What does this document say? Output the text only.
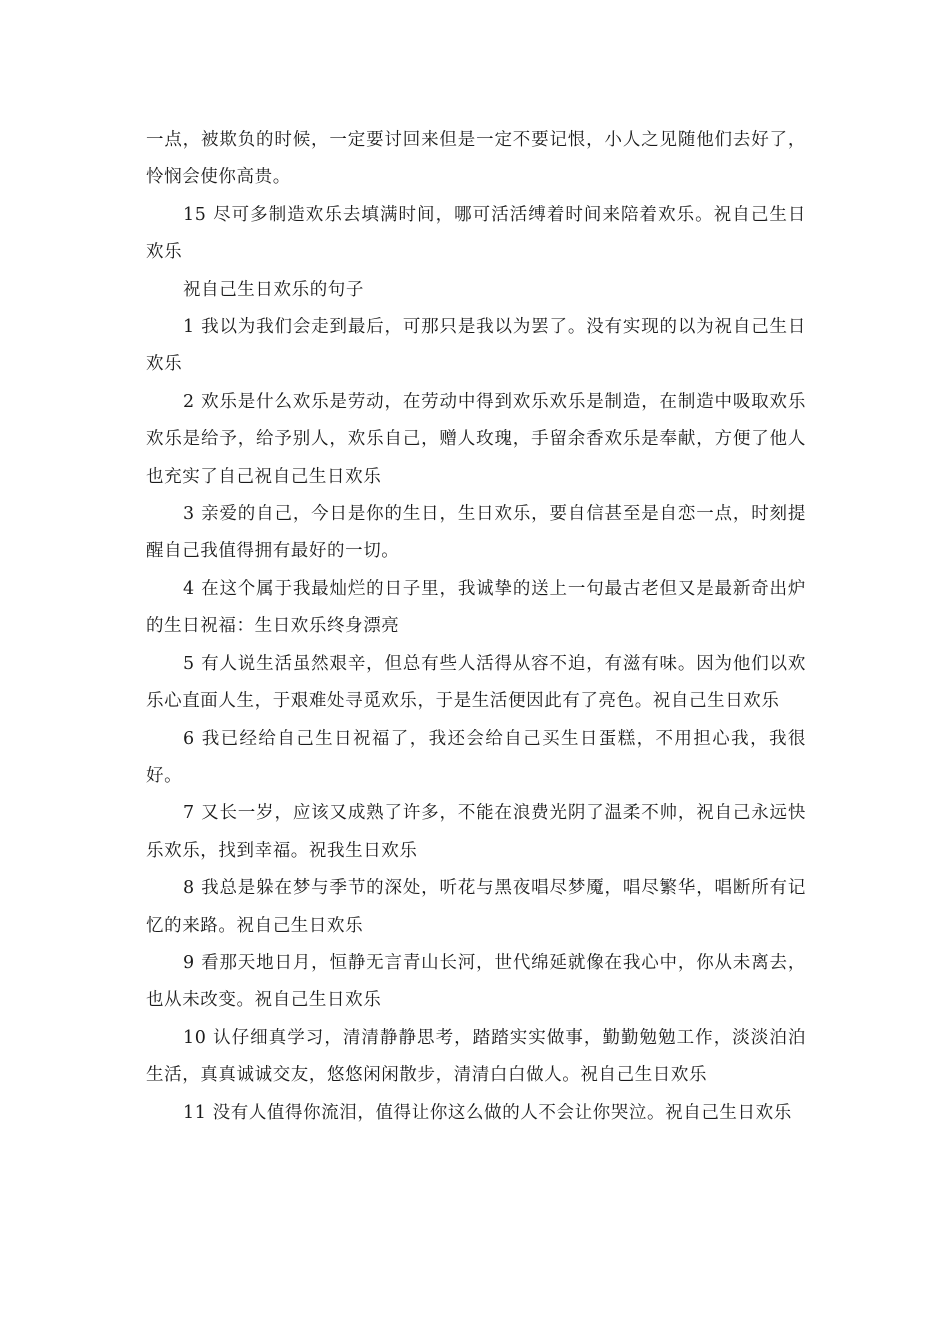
一点，被欺负的时候，一定要讨回来但是一定不要记恨，小人之见随他们去好了，怜悯会使你高贵。

15 尽可多制造欢乐去填满时间，哪可活活缚着时间来陪着欢乐。祝自己生日欢乐

祝自己生日欢乐的句子

1 我以为我们会走到最后，可那只是我以为罢了。没有实现的以为祝自己生日欢乐

2 欢乐是什么欢乐是劳动，在劳动中得到欢乐欢乐是制造，在制造中吸取欢乐欢乐是给予，给予别人，欢乐自己，赠人玫瑰，手留余香欢乐是奉献，方便了他人也充实了自己祝自己生日欢乐

3 亲爱的自己，今日是你的生日，生日欢乐，要自信甚至是自恋一点，时刻提醒自己我值得拥有最好的一切。

4 在这个属于我最灿烂的日子里，我诚挚的送上一句最古老但又是最新奇出炉的生日祝福：生日欢乐终身漂亮

5 有人说生活虽然艰辛，但总有些人活得从容不迫，有滋有味。因为他们以欢乐心直面人生，于艰难处寻觅欢乐，于是生活便因此有了亮色。祝自己生日欢乐

6 我已经给自己生日祝福了，我还会给自己买生日蛋糕，不用担心我，我很好。

7 又长一岁，应该又成熟了许多，不能在浪费光阴了温柔不帅，祝自己永远快乐欢乐，找到幸福。祝我生日欢乐

8 我总是躲在梦与季节的深处，听花与黑夜唱尽梦魇，唱尽繁华，唱断所有记忆的来路。祝自己生日欢乐

9 看那天地日月，恒静无言青山长河，世代绵延就像在我心中，你从未离去，也从未改变。祝自己生日欢乐

10 认仔细真学习，清清静静思考，踏踏实实做事，勤勤勉勉工作，淡淡泊泊生活，真真诚诚交友，悠悠闲闲散步，清清白白做人。祝自己生日欢乐

11 没有人值得你流泪，值得让你这么做的人不会让你哭泣。祝自己生日欢乐
